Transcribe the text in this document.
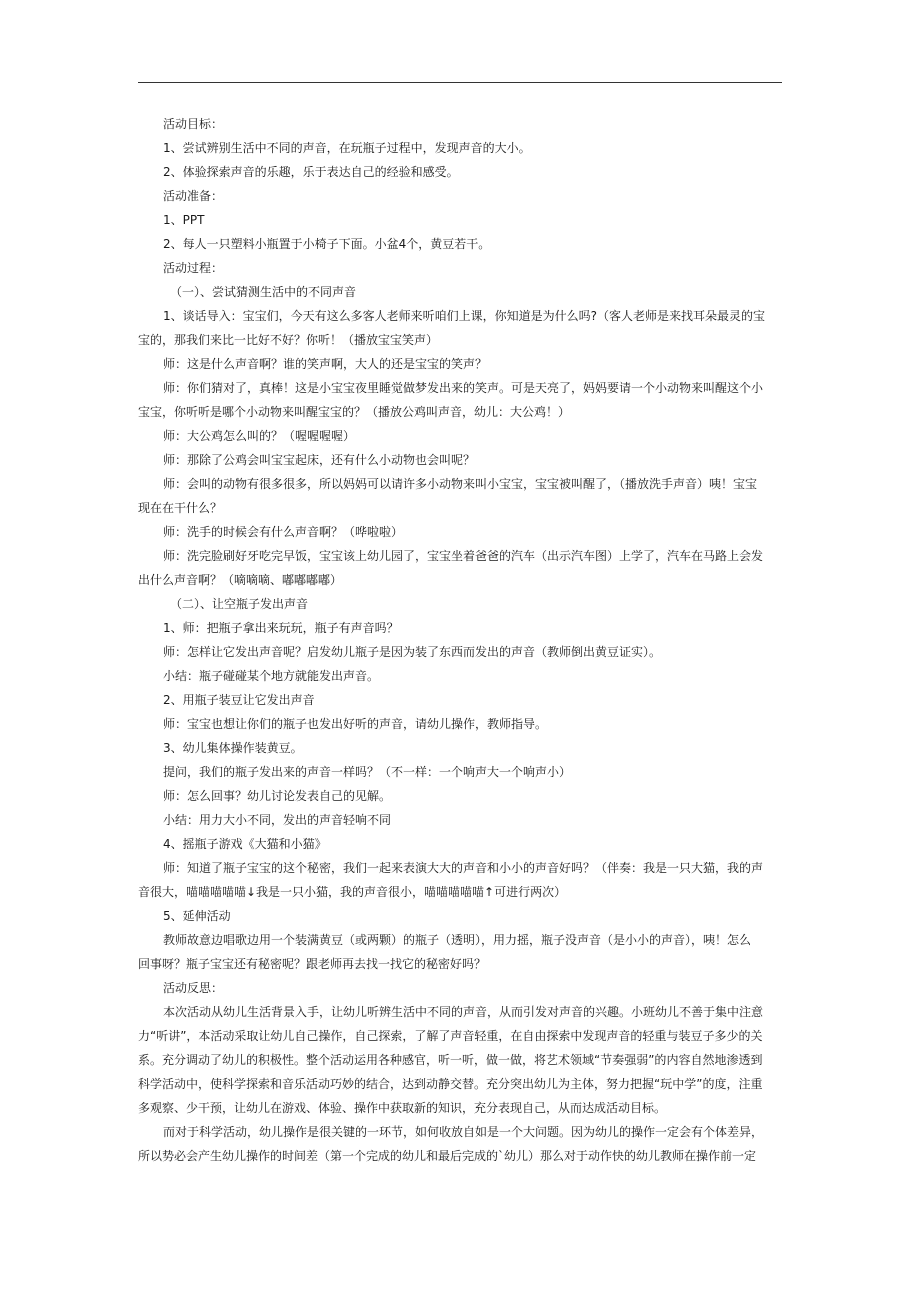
活动目标：
1、尝试辨别生活中不同的声音，在玩瓶子过程中，发现声音的大小。
2、体验探索声音的乐趣，乐于表达自己的经验和感受。
活动准备：
1、PPT
2、每人一只塑料小瓶置于小椅子下面。小盆4个，黄豆若干。
活动过程：
（一）、尝试猜测生活中的不同声音
1、谈话导入：宝宝们，今天有这么多客人老师来听咱们上课，你知道是为什么吗?（客人老师是来找耳朵最灵的宝
宝的，那我们来比一比好不好？你听！（播放宝宝笑声）
师：这是什么声音啊？谁的笑声啊，大人的还是宝宝的笑声？
师：你们猜对了，真棒！这是小宝宝夜里睡觉做梦发出来的笑声。可是天亮了，妈妈要请一个小动物来叫醒这个小
宝宝，你听听是哪个小动物来叫醒宝宝的？（播放公鸡叫声音，幼儿：大公鸡！）
师：大公鸡怎么叫的？（喔喔喔喔）
师：那除了公鸡会叫宝宝起床，还有什么小动物也会叫呢？
师：会叫的动物有很多很多，所以妈妈可以请许多小动物来叫小宝宝，宝宝被叫醒了，（播放洗手声音）咦！宝宝
现在在干什么？
师：洗手的时候会有什么声音啊？（哗啦啦）
师：洗完脸刷好牙吃完早饭，宝宝该上幼儿园了，宝宝坐着爸爸的汽车（出示汽车图）上学了，汽车在马路上会发
出什么声音啊？（嘀嘀嘀、嘟嘟嘟嘟）
（二）、让空瓶子发出声音
1、师：把瓶子拿出来玩玩，瓶子有声音吗？
师：怎样让它发出声音呢？启发幼儿瓶子是因为装了东西而发出的声音（教师倒出黄豆证实）。
小结：瓶子碰碰某个地方就能发出声音。
2、用瓶子装豆让它发出声音
师：宝宝也想让你们的瓶子也发出好听的声音，请幼儿操作，教师指导。
3、幼儿集体操作装黄豆。
提问，我们的瓶子发出来的声音一样吗？（不一样：一个响声大一个响声小）
师：怎么回事？幼儿讨论发表自己的见解。
小结：用力大小不同，发出的声音轻响不同
4、摇瓶子游戏《大猫和小猫》
师：知道了瓶子宝宝的这个秘密，我们一起来表演大大的声音和小小的声音好吗？（伴奏：我是一只大猫，我的声
音很大，喵喵喵喵喵↓我是一只小猫，我的声音很小，喵喵喵喵喵↑可进行两次）
5、延伸活动
教师故意边唱歌边用一个装满黄豆（或两颗）的瓶子（透明），用力摇，瓶子没声音（是小小的声音），咦！怎么
回事呀？瓶子宝宝还有秘密呢？跟老师再去找一找它的秘密好吗？
活动反思：
本次活动从幼儿生活背景入手，让幼儿听辨生活中不同的声音，从而引发对声音的兴趣。小班幼儿不善于集中注意
力“听讲”，本活动采取让幼儿自己操作，自己探索，了解了声音轻重，在自由探索中发现声音的轻重与装豆子多少的关
系。充分调动了幼儿的积极性。整个活动运用各种感官，听一听，做一做，将艺术领域“节奏强弱”的内容自然地渗透到
科学活动中，使科学探索和音乐活动巧妙的结合，达到动静交替。充分突出幼儿为主体，努力把握“玩中学”的度，注重
多观察、少干预，让幼儿在游戏、体验、操作中获取新的知识，充分表现自己，从而达成活动目标。
而对于科学活动，幼儿操作是很关键的一环节，如何收放自如是一个大问题。因为幼儿的操作一定会有个体差异，
所以势必会产生幼儿操作的时间差（第一个完成的幼儿和最后完成的`幼儿）那么对于动作快的幼儿教师在操作前一定
